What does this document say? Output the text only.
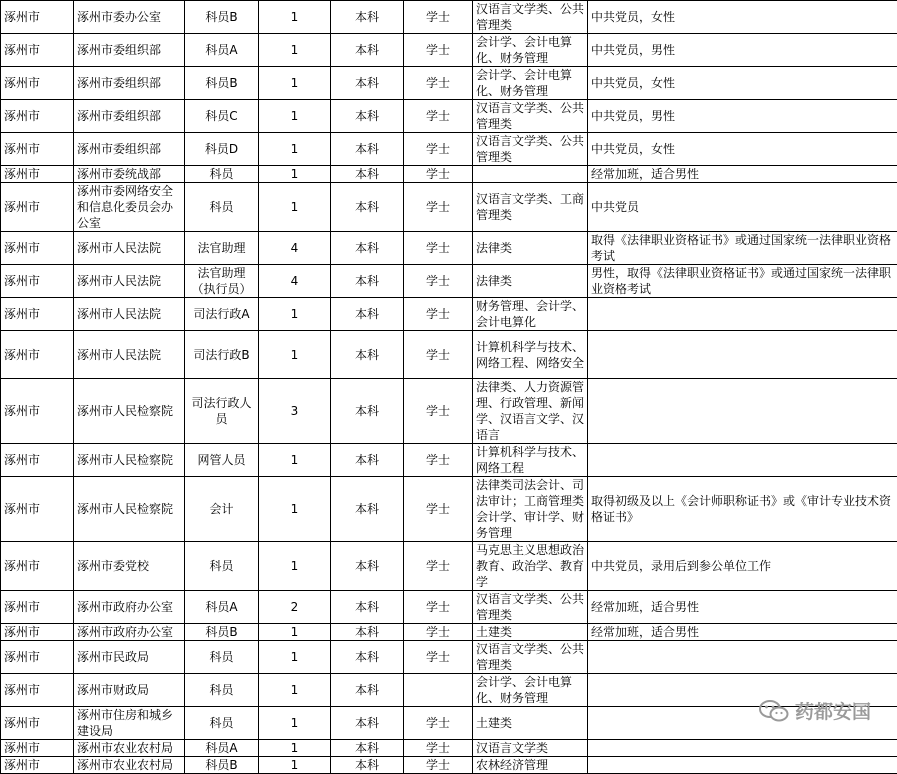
涿州市	涿州市委办公室	科员B	1	本科	学士	汉语言文学类、公共管理类	中共党员，女性
涿州市	涿州市委组织部	科员A	1	本科	学士	会计学、会计电算化、财务管理	中共党员，男性
涿州市	涿州市委组织部	科员B	1	本科	学士	会计学、会计电算化、财务管理	中共党员，女性
涿州市	涿州市委组织部	科员C	1	本科	学士	汉语言文学类、公共管理类	中共党员，男性
涿州市	涿州市委组织部	科员D	1	本科	学士	汉语言文学类、公共管理类	中共党员，女性
涿州市	涿州市委统战部	科员	1	本科	学士		经常加班，适合男性
涿州市	涿州市委网络安全和信息化委员会办公室	科员	1	本科	学士	汉语言文学类、工商管理类	中共党员
涿州市	涿州市人民法院	法官助理	4	本科	学士	法律类	取得《法律职业资格证书》或通过国家统一法律职业资格考试
涿州市	涿州市人民法院	法官助理（执行员）	4	本科	学士	法律类	男性，取得《法律职业资格证书》或通过国家统一法律职业资格考试
涿州市	涿州市人民法院	司法行政A	1	本科	学士	财务管理、会计学、会计电算化	
涿州市	涿州市人民法院	司法行政B	1	本科	学士	计算机科学与技术、网络工程、网络安全	
涿州市	涿州市人民检察院	司法行政人员	3	本科	学士	法律类、人力资源管理、行政管理、新闻学、汉语言文学、汉语言	
涿州市	涿州市人民检察院	网管人员	1	本科	学士	计算机科学与技术、网络工程	
涿州市	涿州市人民检察院	会计	1	本科	学士	法律类司法会计、司法审计；工商管理类会计学、审计学、财务管理	取得初级及以上《会计师职称证书》或《审计专业技术资格证书》
涿州市	涿州市委党校	科员	1	本科	学士	马克思主义思想政治教育、政治学、教育学	中共党员，录用后到参公单位工作
涿州市	涿州市政府办公室	科员A	2	本科	学士	汉语言文学类、公共管理类	经常加班，适合男性
涿州市	涿州市政府办公室	科员B	1	本科	学士	土建类	经常加班，适合男性
涿州市	涿州市民政局	科员	1	本科	学士	汉语言文学类、公共管理类	
涿州市	涿州市财政局	科员	1	本科		会计学、会计电算化、财务管理	
涿州市	涿州市住房和城乡建设局	科员	1	本科	学士	土建类	
涿州市	涿州市农业农村局	科员A	1	本科	学士	汉语言文学类	
涿州市	涿州市农业农村局	科员B	1	本科	学士	农林经济管理	
药都安国
